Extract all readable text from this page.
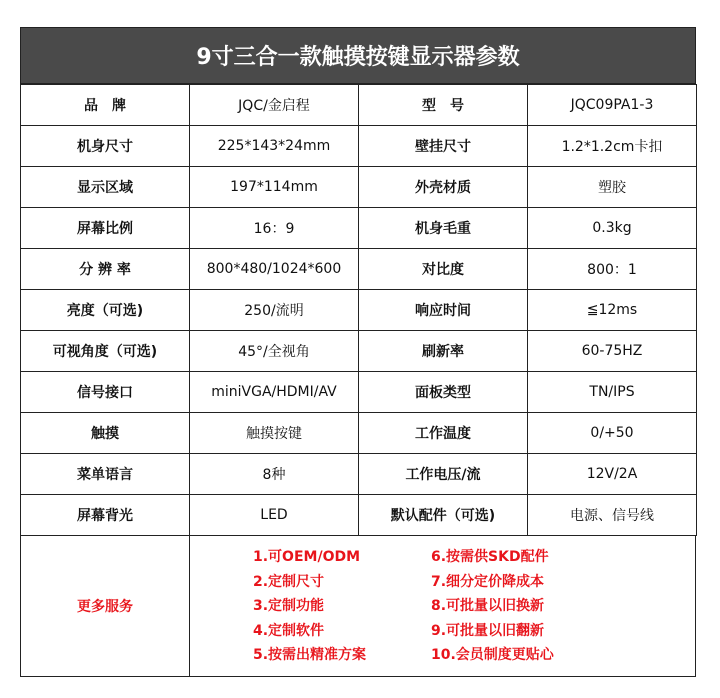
9寸三合一款触摸按键显示器参数
品　牌	JQC/金启程	型　号	JQC09PA1-3
机身尺寸	225*143*24mm	壁挂尺寸	1.2*1.2cm卡扣
显示区域	197*114mm	外壳材质	塑胶
屏幕比例	16：9	机身毛重	0.3kg
分 辨 率	800*480/1024*600	对比度	800：1
亮度（可选)	250/流明	响应时间	≦12ms
可视角度（可选)	45°/全视角	刷新率	60-75HZ
信号接口	miniVGA/HDMI/AV	面板类型	TN/IPS
触摸	触摸按键	工作温度	0/+50
菜单语言	8种	工作电压/流	12V/2A
屏幕背光	LED	默认配件（可选)	电源、信号线
更多服务
1.可OEM/ODM
2.定制尺寸
3.定制功能
4.定制软件
5.按需出精准方案
6.按需供SKD配件
7.细分定价降成本
8.可批量以旧换新
9.可批量以旧翻新
10.会员制度更贴心
